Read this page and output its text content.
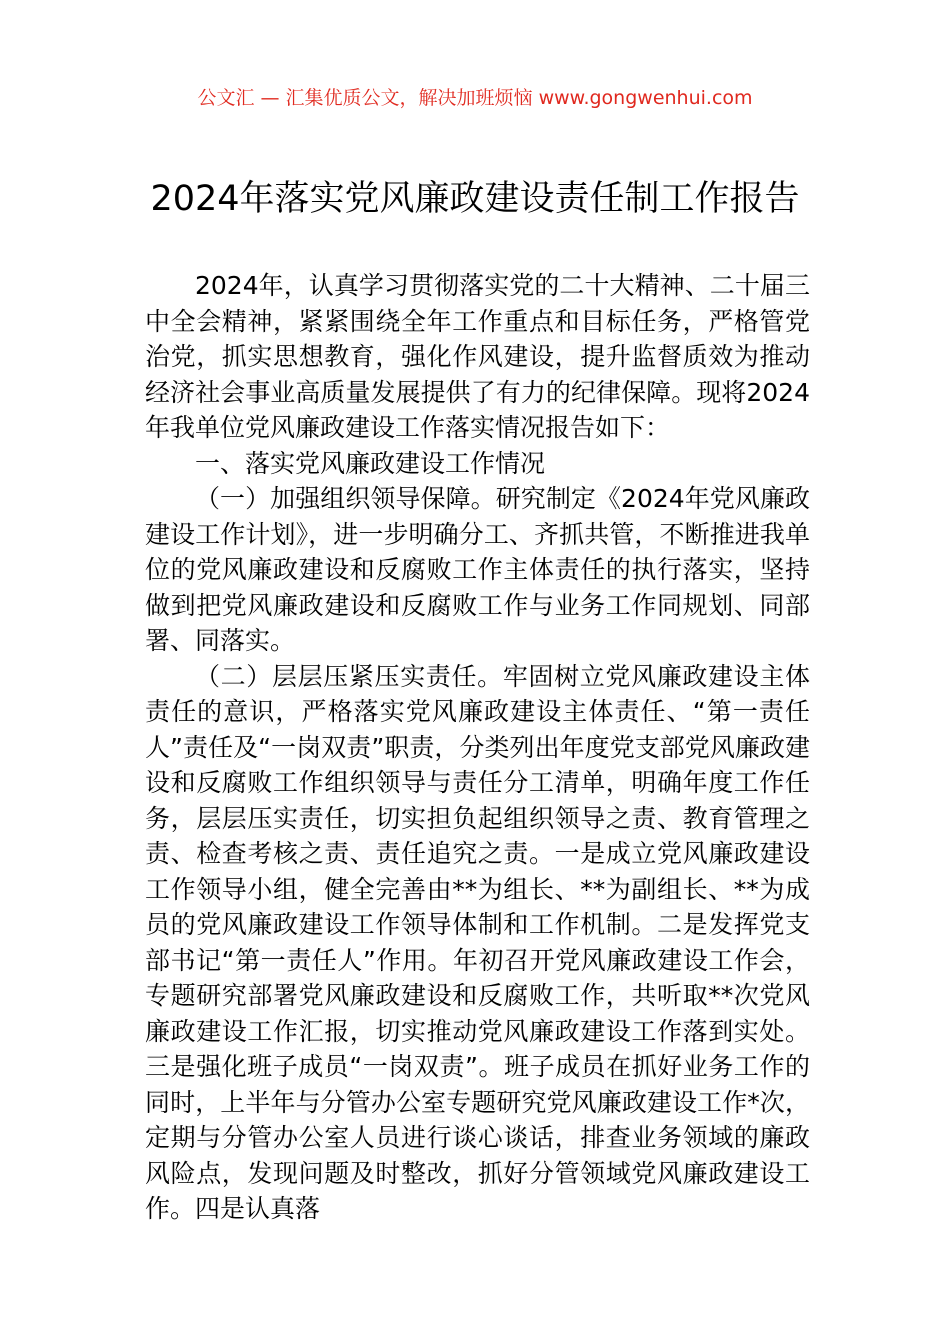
公文汇 — 汇集优质公文，解决加班烦恼 www.gongwenhui.com
2024年落实党风廉政建设责任制工作报告

2024年，认真学习贯彻落实党的二十大精神、二十届三中全会精神，紧紧围绕全年工作重点和目标任务，严格管党治党，抓实思想教育，强化作风建设，提升监督质效为推动经济社会事业高质量发展提供了有力的纪律保障。现将2024年我单位党风廉政建设工作落实情况报告如下：

一、落实党风廉政建设工作情况

（一）加强组织领导保障。研究制定《2024年党风廉政建设工作计划》，进一步明确分工、齐抓共管，不断推进我单位的党风廉政建设和反腐败工作主体责任的执行落实，坚持做到把党风廉政建设和反腐败工作与业务工作同规划、同部署、同落实。

（二）层层压紧压实责任。牢固树立党风廉政建设主体责任的意识，严格落实党风廉政建设主体责任、“第一责任人”责任及“一岗双责”职责，分类列出年度党支部党风廉政建设和反腐败工作组织领导与责任分工清单，明确年度工作任务，层层压实责任，切实担负起组织领导之责、教育管理之责、检查考核之责、责任追究之责。一是成立党风廉政建设工作领导小组，健全完善由**为组长、**为副组长、**为成员的党风廉政建设工作领导体制和工作机制。二是发挥党支部书记“第一责任人”作用。年初召开党风廉政建设工作会，专题研究部署党风廉政建设和反腐败工作，共听取**次党风廉政建设工作汇报，切实推动党风廉政建设工作落到实处。三是强化班子成员“一岗双责”。班子成员在抓好业务工作的同时，上半年与分管办公室专题研究党风廉政建设工作*次，定期与分管办公室人员进行谈心谈话，排查业务领域的廉政风险点，发现问题及时整改，抓好分管领域党风廉政建设工作。四是认真落
